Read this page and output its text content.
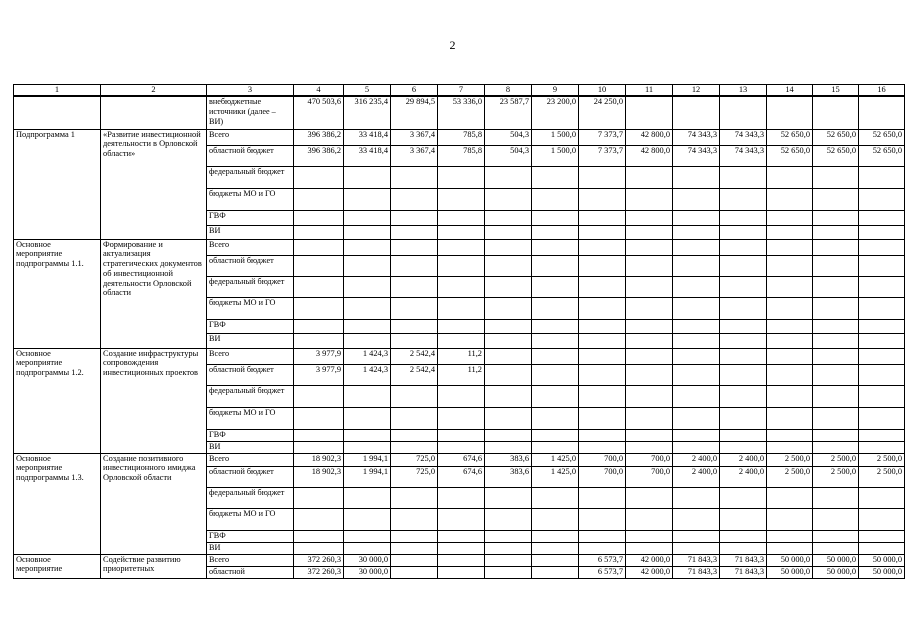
2
1	2	3	4	5	6	7	8	9	10	11	12	13	14	15	16
		внебюджетные источники (далее – ВИ)	470 503,6	316 235,4	29 894,5	53 336,0	23 587,7	23 200,0	24 250,0						
Подпрограмма 1	«Развитие инвестиционной деятельности в Орловской области»	Всего	396 386,2	33 418,4	3 367,4	785,8	504,3	1 500,0	7 373,7	42 800,0	74 343,3	74 343,3	52 650,0	52 650,0	52 650,0
		областной бюджет	396 386,2	33 418,4	3 367,4	785,8	504,3	1 500,0	7 373,7	42 800,0	74 343,3	74 343,3	52 650,0	52 650,0	52 650,0
		федеральный бюджет													
		бюджеты МО и ГО													
		ГВФ													
		ВИ													
Основное мероприятие подпрограммы 1.1.	Формирование и актуализация стратегических документов об инвестиционной деятельности Орловской области	Всего													
		областной бюджет													
		федеральный бюджет													
		бюджеты МО и ГО													
		ГВФ													
		ВИ													
Основное мероприятие подпрограммы 1.2.	Создание инфраструктуры сопровождения инвестиционных проектов	Всего	3 977,9	1 424,3	2 542,4	11,2									
		областной бюджет	3 977,9	1 424,3	2 542,4	11,2									
		федеральный бюджет													
		бюджеты МО и ГО													
		ГВФ													
		ВИ													
Основное мероприятие подпрограммы 1.3.	Создание позитивного инвестиционного имиджа Орловской области	Всего	18 902,3	1 994,1	725,0	674,6	383,6	1 425,0	700,0	700,0	2 400,0	2 400,0	2 500,0	2 500,0	2 500,0
		областной бюджет	18 902,3	1 994,1	725,0	674,6	383,6	1 425,0	700,0	700,0	2 400,0	2 400,0	2 500,0	2 500,0	2 500,0
		федеральный бюджет													
		бюджеты МО и ГО													
		ГВФ													
		ВИ													
Основное мероприятие	Содействие развитию приоритетных	Всего	372 260,3	30 000,0					6 573,7	42 000,0	71 843,3	71 843,3	50 000,0	50 000,0	50 000,0
		областной	372 260,3	30 000,0					6 573,7	42 000,0	71 843,3	71 843,3	50 000,0	50 000,0	50 000,0
